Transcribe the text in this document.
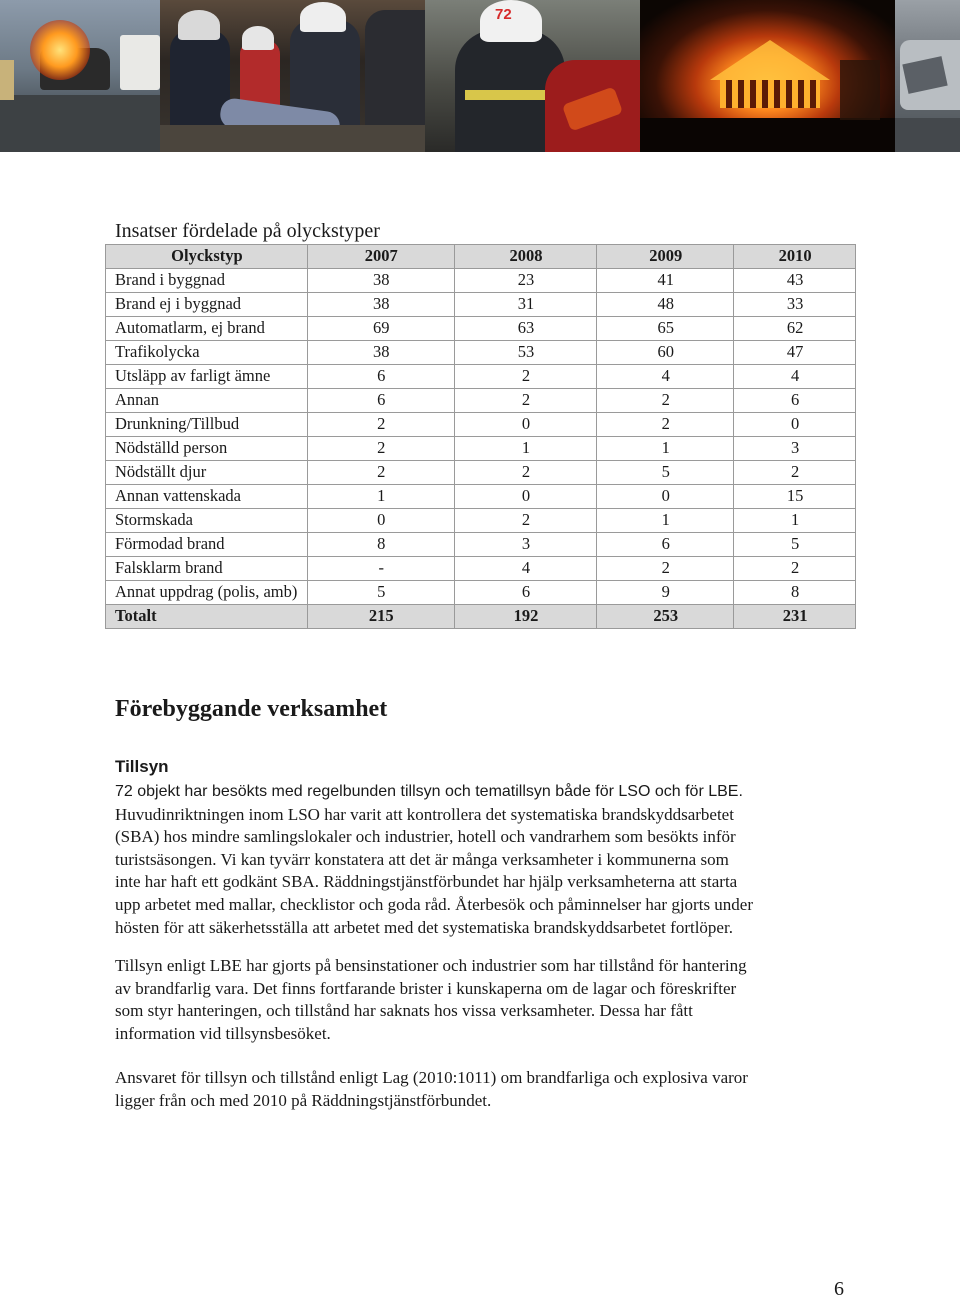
72
Insatser fördelade på olyckstyper
Olyckstyp	2007	2008	2009	2010
Brand i byggnad	38	23	41	43
Brand ej i byggnad	38	31	48	33
Automatlarm, ej brand	69	63	65	62
Trafikolycka	38	53	60	47
Utsläpp av farligt ämne	6	2	4	4
Annan	6	2	2	6
Drunkning/Tillbud	2	0	2	0
Nödställd person	2	1	1	3
Nödställt djur	2	2	5	2
Annan vattenskada	1	0	0	15
Stormskada	0	2	1	1
Förmodad brand	8	3	6	5
Falsklarm brand	-	4	2	2
Annat uppdrag (polis, amb)	5	6	9	8
Totalt	215	192	253	231
Förebyggande verksamhet
Tillsyn
72 objekt har besökts med regelbunden tillsyn och tematillsyn både för LSO och för LBE.
Huvudinriktningen inom LSO har varit att kontrollera det systematiska brandskyddsarbetet
(SBA) hos mindre samlingslokaler och industrier, hotell och vandrarhem som besökts inför
turistsäsongen. Vi kan tyvärr konstatera att det är många verksamheter i kommunerna som
inte har haft ett godkänt SBA. Räddningstjänstförbundet har hjälp verksamheterna att starta
upp arbetet med mallar, checklistor och goda råd. Återbesök och påminnelser har gjorts under
hösten för att säkerhetsställa att arbetet med det systematiska brandskyddsarbetet fortlöper.
Tillsyn enligt LBE har gjorts på bensinstationer och industrier som har tillstånd för hantering
av brandfarlig vara. Det finns fortfarande brister i kunskaperna om de lagar och föreskrifter
som styr hanteringen, och tillstånd har saknats hos vissa verksamheter. Dessa har fått
information vid tillsynsbesöket.
Ansvaret för tillsyn och tillstånd enligt Lag (2010:1011) om brandfarliga och explosiva varor
ligger från och med 2010 på Räddningstjänstförbundet.
6
